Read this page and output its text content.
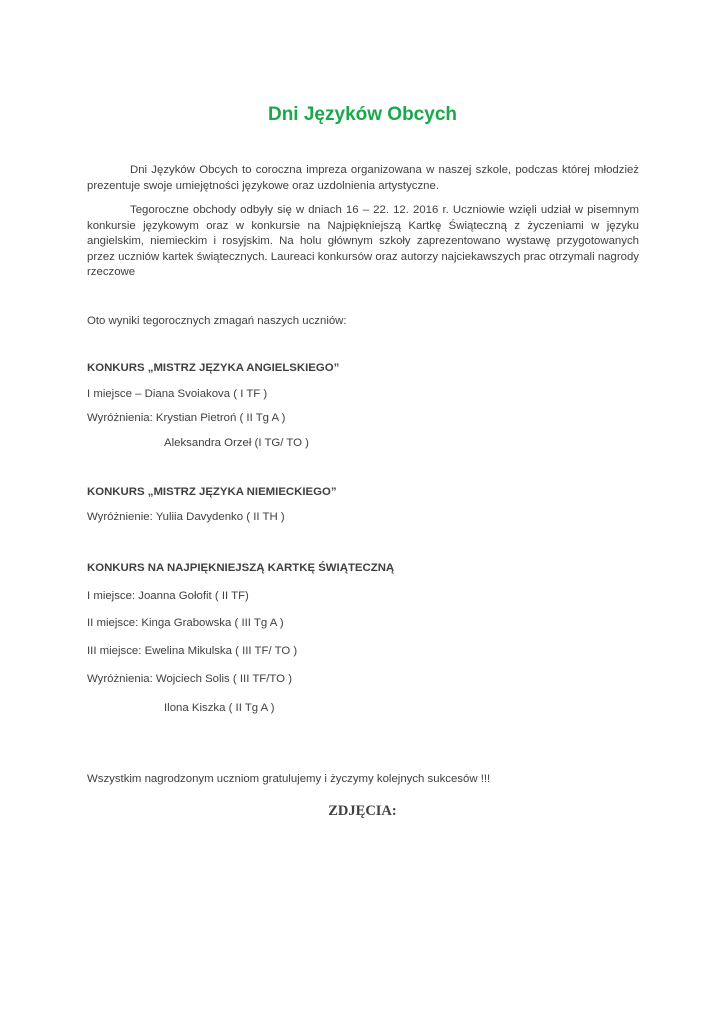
Dni Języków Obcych

Dni Języków Obcych to coroczna impreza organizowana w naszej szkole, podczas której młodzież prezentuje swoje umiejętności językowe oraz uzdolnienia artystyczne.

Tegoroczne obchody odbyły się w dniach 16 – 22. 12. 2016 r. Uczniowie wzięli udział w pisemnym konkursie językowym oraz w konkursie na Najpiękniejszą Kartkę Świąteczną z życzeniami w języku angielskim, niemieckim i rosyjskim. Na holu głównym szkoły zaprezentowano wystawę przygotowanych przez uczniów kartek świątecznych. Laureaci konkursów oraz autorzy najciekawszych prac otrzymali nagrody rzeczowe

Oto wyniki tegorocznych zmagań naszych uczniów:

KONKURS „MISTRZ JĘZYKA ANGIELSKIEGO”

I miejsce – Diana Svoiakova ( I TF )

Wyróżnienia: Krystian Pietroń ( II Tg A )

Aleksandra Orzeł (I TG/ TO )

KONKURS „MISTRZ JĘZYKA NIEMIECKIEGO”

Wyróżnienie: Yuliia Davydenko ( II TH )

KONKURS NA NAJPIĘKNIEJSZĄ KARTKĘ ŚWIĄTECZNĄ

I miejsce: Joanna Gołofit ( II TF)

II miejsce: Kinga Grabowska ( III Tg A )

III miejsce: Ewelina Mikulska ( III TF/ TO )

Wyróżnienia: Wojciech Solis ( III TF/TO )

Ilona Kiszka ( II Tg A )

Wszystkim nagrodzonym uczniom gratulujemy i życzymy kolejnych sukcesów !!!

ZDJĘCIA:
